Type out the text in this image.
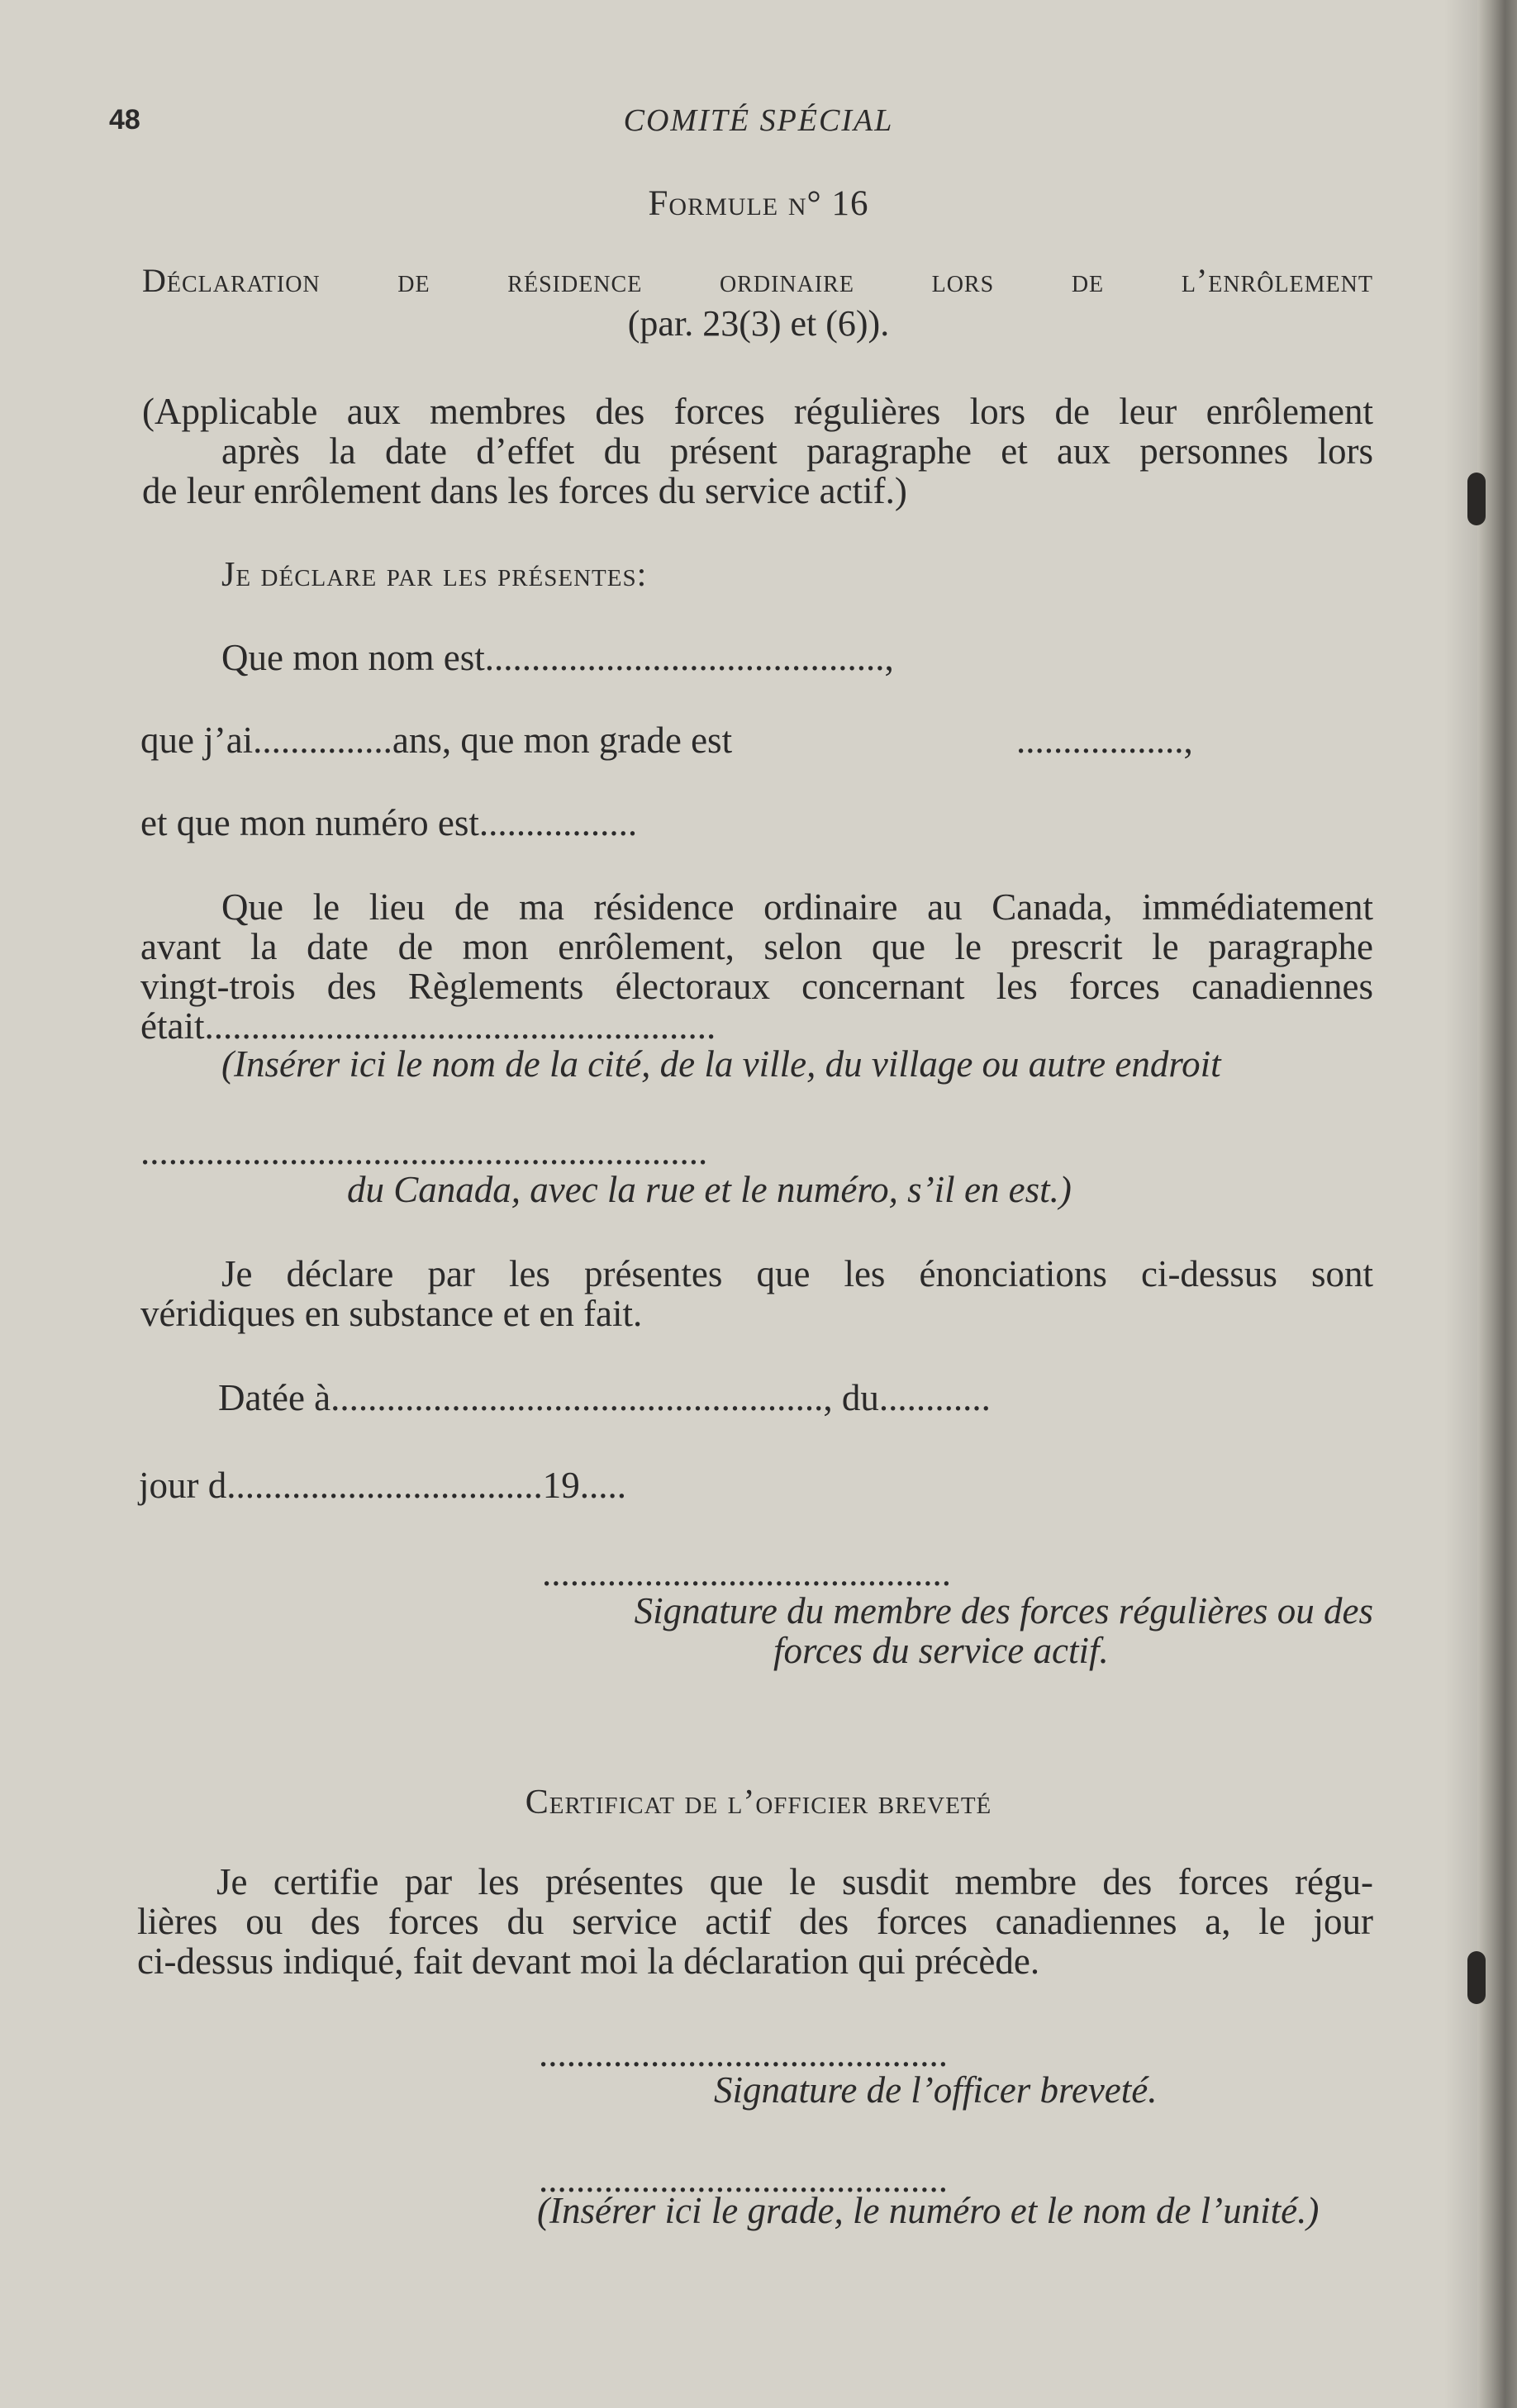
48	COMITÉ SPÉCIAL

Formule n° 16

Déclaration de résidence ordinaire lors de l’enrôlement

(par. 23(3) et (6)).

(Applicable aux membres des forces régulières lors de leur enrôlement

après la date d’effet du présent paragraphe et aux personnes lors

de leur enrôlement dans les forces du service actif.)

Je déclare par les présentes:

Que mon nom est...........................................,

que j’ai...............ans, que mon grade est	..................,

et que mon numéro est.................

Que le lieu de ma résidence ordinaire au Canada, immédiatement

avant la date de mon enrôlement, selon que le prescrit le paragraphe

vingt-trois des Règlements électoraux concernant les forces canadiennes

était.......................................................

(Insérer ici le nom de la cité, de la ville, du village ou autre endroit

.............................................................

du Canada, avec la rue et le numéro, s’il en est.)

Je déclare par les présentes que les énonciations ci-dessus sont

véridiques en substance et en fait.

Datée à....................................................., du............

jour d..................................19.....

............................................

Signature du membre des forces régulières ou des

forces du service actif.

Certificat de l’officier breveté

Je certifie par les présentes que le susdit membre des forces régu-

lières ou des forces du service actif des forces canadiennes a, le jour

ci-dessus indiqué, fait devant moi la déclaration qui précède.

............................................

Signature de l’officer breveté.

............................................

(Insérer ici le grade, le numéro et le nom de l’unité.)
